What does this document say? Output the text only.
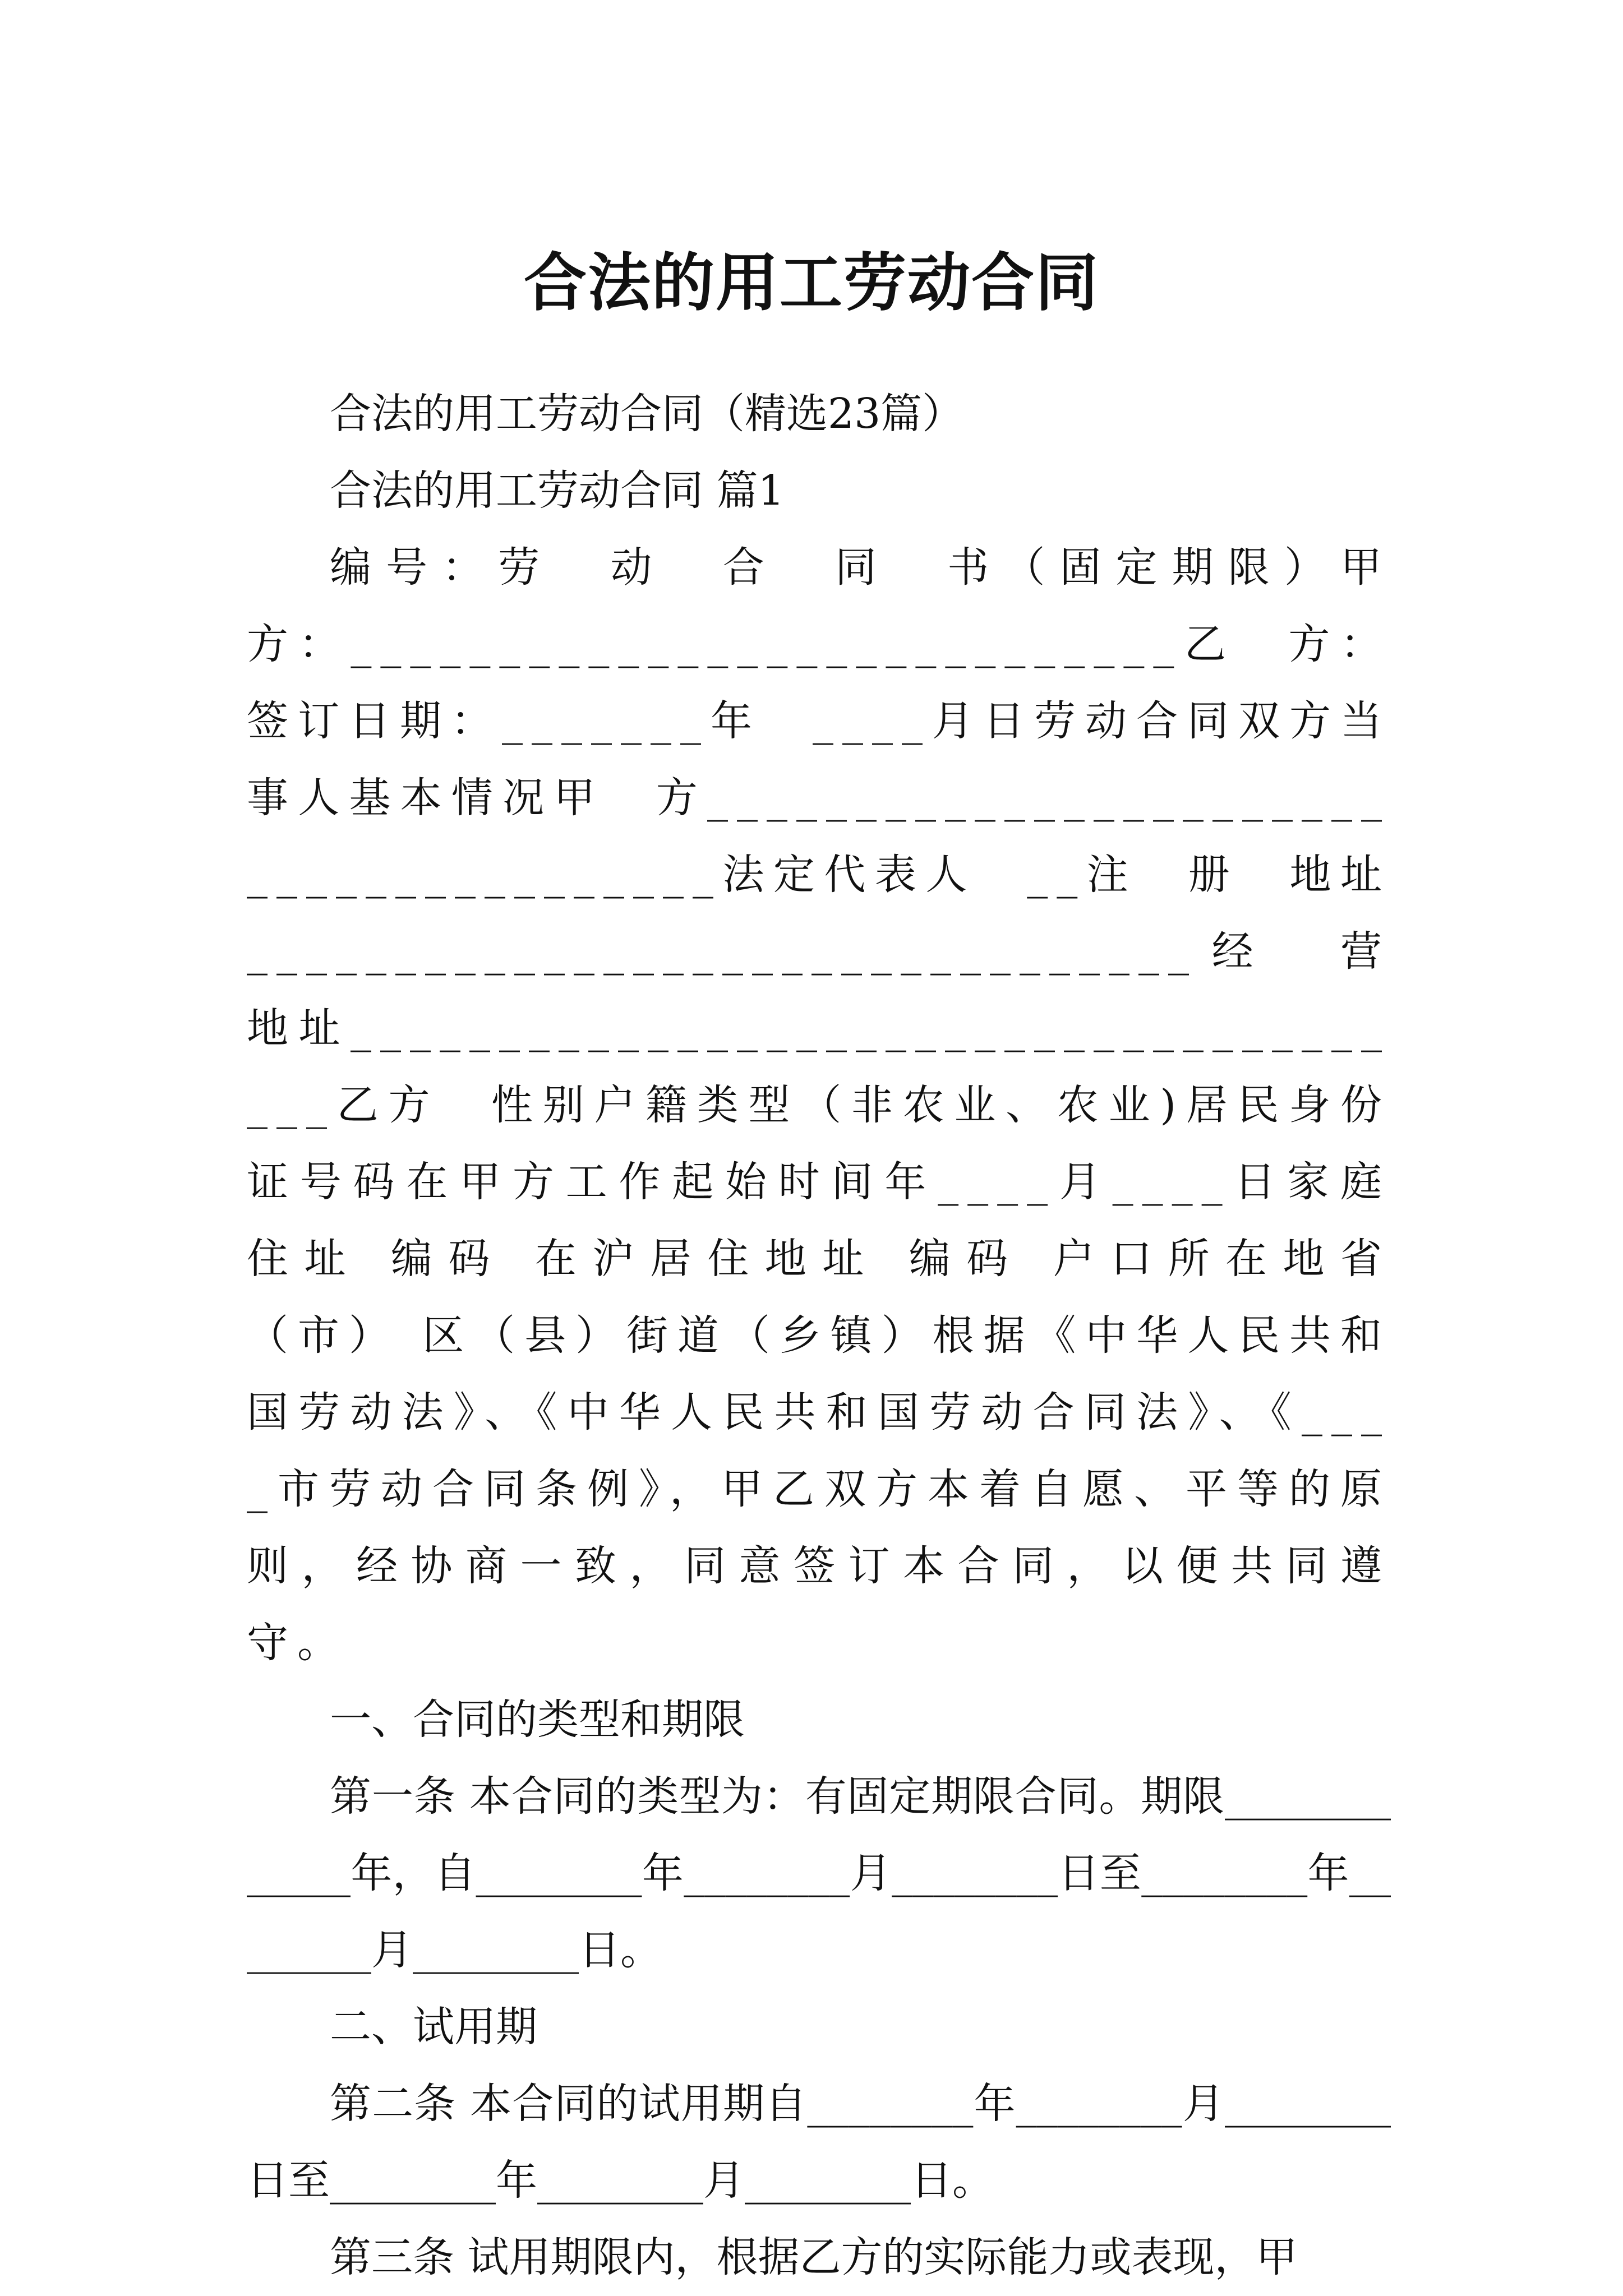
合法的用工劳动合同

合法的用工劳动合同（精选23篇）

合法的用工劳动合同 篇1

编号：劳　动　合　同　书（固定期限）甲　方：____________________________乙　方：签订日期：_______年　____月日劳动合同双方当事人基本情况甲　方_______________________________________法定代表人　__注　册　地址　________________________________经　营　地址______________________________________乙方　性别户籍类型（非农业、农业)居民身份证号码在甲方工作起始时间年____月____日家庭住址 编码 在沪居住地址 编码 户口所在地省（市） 区（县）街道（乡镇）根据《中华人民共和国劳动法》、《中华人民共和国劳动合同法》、《____市劳动合同条例》，甲乙双方本着自愿、平等的原则，经协商一致，同意签订本合同，以便共同遵守。

一、合同的类型和期限

第一条 本合同的类型为：有固定期限合同。期限_____________年，自________年________月________日至________年________月________日。

二、试用期

第二条 本合同的试用期自________年________月________日至________年________月________日。

第三条 试用期限内，根据乙方的实际能力或表现，甲
